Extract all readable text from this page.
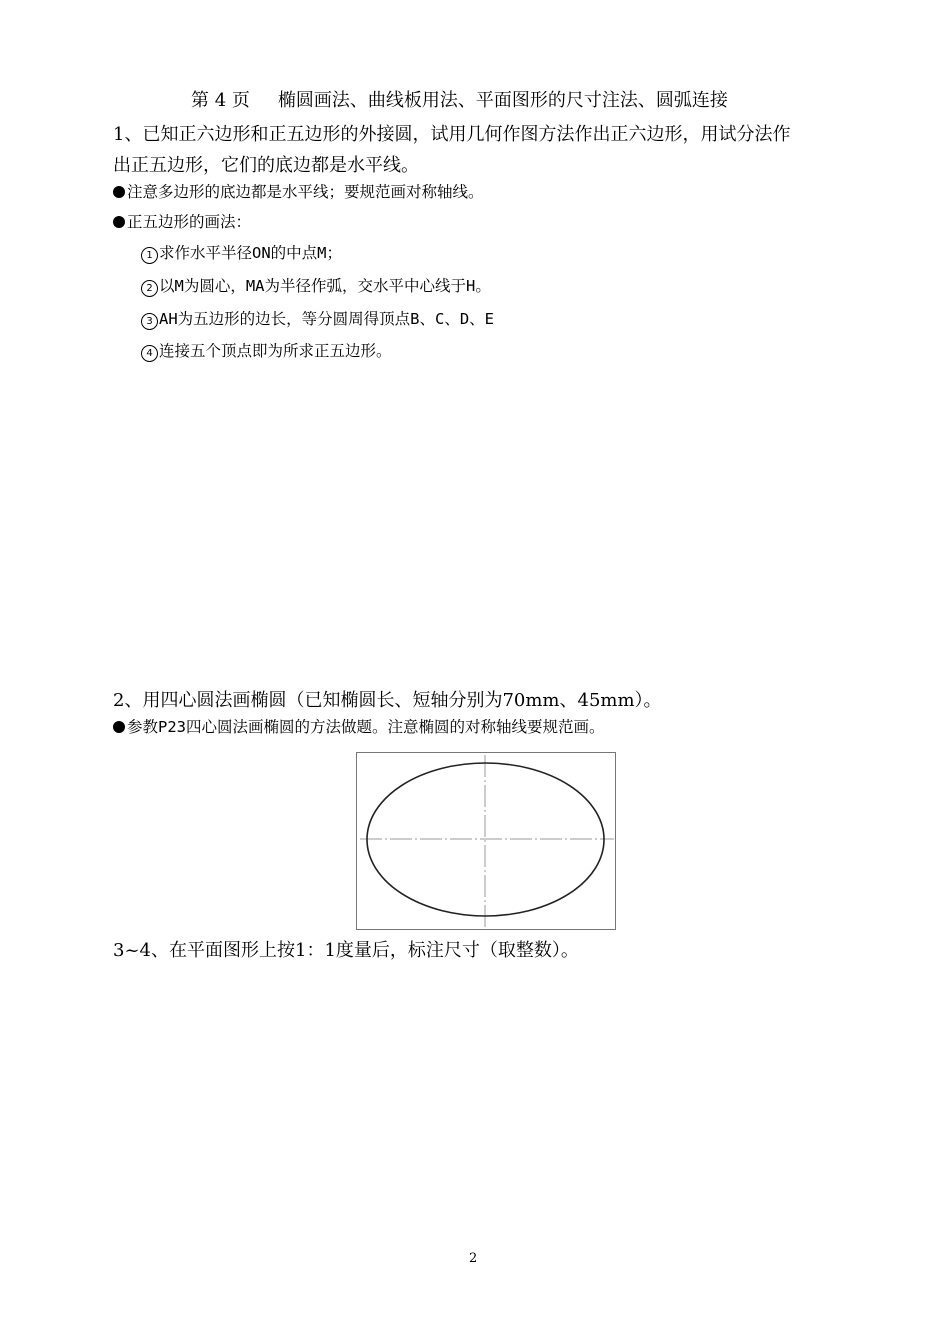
第 4 页 椭圆画法、曲线板用法、平面图形的尺寸注法、圆弧连接
1、已知正六边形和正五边形的外接圆，试用几何作图方法作出正六边形，用试分法作
出正五边形，它们的底边都是水平线。
注意多边形的底边都是水平线；要规范画对称轴线。
正五边形的画法：
1 求作水平半径ON的中点M；
2 以M为圆心，MA为半径作弧，交水平中心线于H。
3 AH为五边形的边长，等分圆周得顶点B、C、D、E
4 连接五个顶点即为所求正五边形。
2、用四心圆法画椭圆（已知椭圆长、短轴分别为70mm、45mm）。
参教P23四心圆法画椭圆的方法做题。注意椭圆的对称轴线要规范画。
3~4、在平面图形上按1：1度量后，标注尺寸（取整数）。
2
